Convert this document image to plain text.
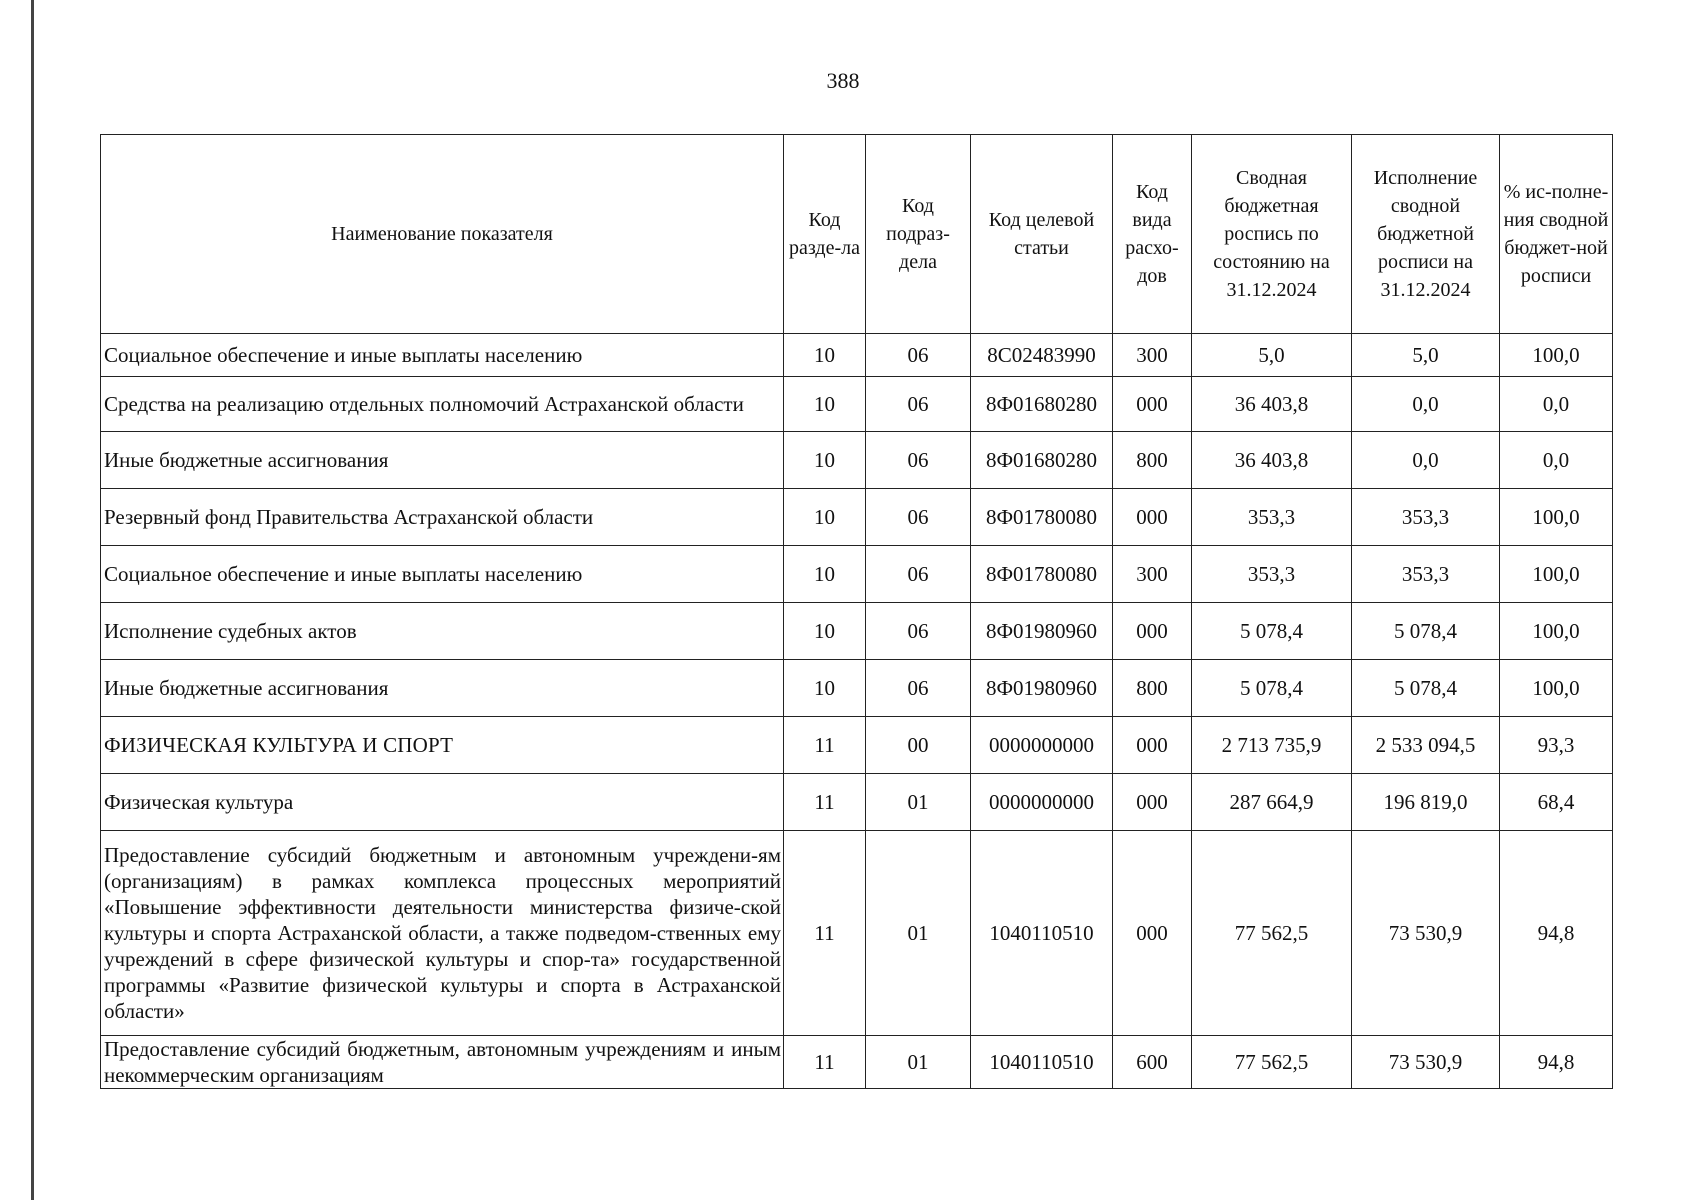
388
Наименование показателя	Код разде-ла	Код подраз-дела	Код целевой статьи	Код вида расхо-дов	Сводная бюджетная роспись по состоянию на 31.12.2024	Исполнение сводной бюджетной росписи на 31.12.2024	% ис-полне-ния сводной бюджет-ной росписи
Социальное обеспечение и иные выплаты населению	10	06	8С02483990	300	5,0	5,0	100,0
Средства на реализацию отдельных полномочий Астраханской области	10	06	8Ф01680280	000	36 403,8	0,0	0,0
Иные бюджетные ассигнования	10	06	8Ф01680280	800	36 403,8	0,0	0,0
Резервный фонд Правительства Астраханской области	10	06	8Ф01780080	000	353,3	353,3	100,0
Социальное обеспечение и иные выплаты населению	10	06	8Ф01780080	300	353,3	353,3	100,0
Исполнение судебных актов	10	06	8Ф01980960	000	5 078,4	5 078,4	100,0
Иные бюджетные ассигнования	10	06	8Ф01980960	800	5 078,4	5 078,4	100,0
ФИЗИЧЕСКАЯ КУЛЬТУРА И СПОРТ	11	00	0000000000	000	2 713 735,9	2 533 094,5	93,3
Физическая культура	11	01	0000000000	000	287 664,9	196 819,0	68,4
Предоставление субсидий бюджетным и автономным учреждени-ям (организациям) в рамках комплекса процессных мероприятий «Повышение эффективности деятельности министерства физиче-ской культуры и спорта Астраханской области, а также подведом-ственных ему учреждений в сфере физической культуры и спор-та» государственной программы «Развитие физической культуры и спорта в Астраханской области»	11	01	1040110510	000	77 562,5	73 530,9	94,8
Предоставление субсидий бюджетным, автономным учреждениям и иным некоммерческим организациям	11	01	1040110510	600	77 562,5	73 530,9	94,8
